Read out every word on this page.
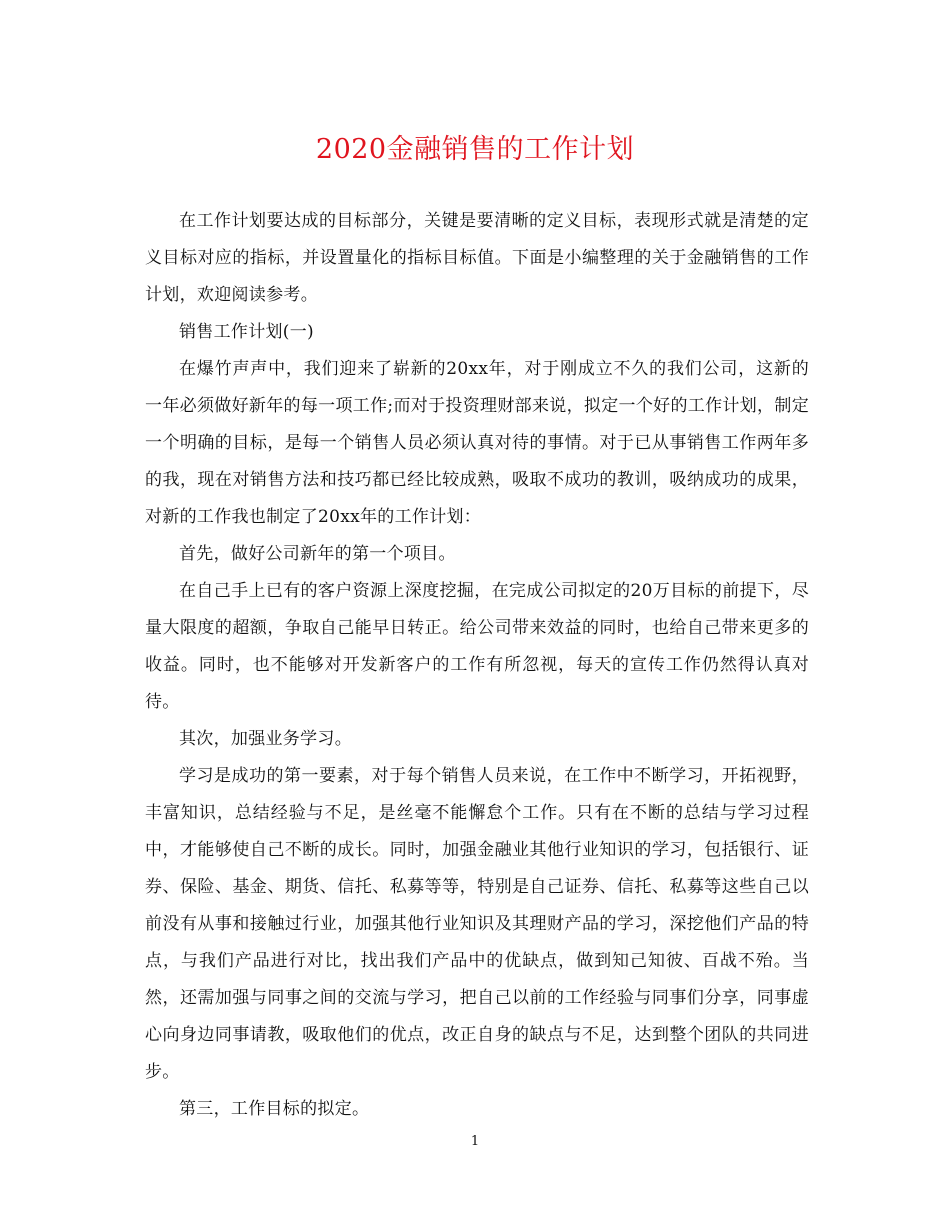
2020金融销售的工作计划

在工作计划要达成的目标部分，关键是要清晰的定义目标，表现形式就是清楚的定义目标对应的指标，并设置量化的指标目标值。下面是小编整理的关于金融销售的工作计划，欢迎阅读参考。

销售工作计划(一)

在爆竹声声中，我们迎来了崭新的20xx年，对于刚成立不久的我们公司，这新的一年必须做好新年的每一项工作;而对于投资理财部来说，拟定一个好的工作计划，制定一个明确的目标，是每一个销售人员必须认真对待的事情。对于已从事销售工作两年多的我，现在对销售方法和技巧都已经比较成熟，吸取不成功的教训，吸纳成功的成果，对新的工作我也制定了20xx年的工作计划：

首先，做好公司新年的第一个项目。

在自己手上已有的客户资源上深度挖掘，在完成公司拟定的20万目标的前提下，尽量大限度的超额，争取自己能早日转正。给公司带来效益的同时，也给自己带来更多的收益。同时，也不能够对开发新客户的工作有所忽视，每天的宣传工作仍然得认真对待。

其次，加强业务学习。

学习是成功的第一要素，对于每个销售人员来说，在工作中不断学习，开拓视野，丰富知识，总结经验与不足，是丝毫不能懈怠个工作。只有在不断的总结与学习过程中，才能够使自己不断的成长。同时，加强金融业其他行业知识的学习，包括银行、证券、保险、基金、期货、信托、私募等等，特别是自己证券、信托、私募等这些自己以前没有从事和接触过行业，加强其他行业知识及其理财产品的学习，深挖他们产品的特点，与我们产品进行对比，找出我们产品中的优缺点，做到知己知彼、百战不殆。当然，还需加强与同事之间的交流与学习，把自己以前的工作经验与同事们分享，同事虚心向身边同事请教，吸取他们的优点，改正自身的缺点与不足，达到整个团队的共同进步。

第三，工作目标的拟定。

1
